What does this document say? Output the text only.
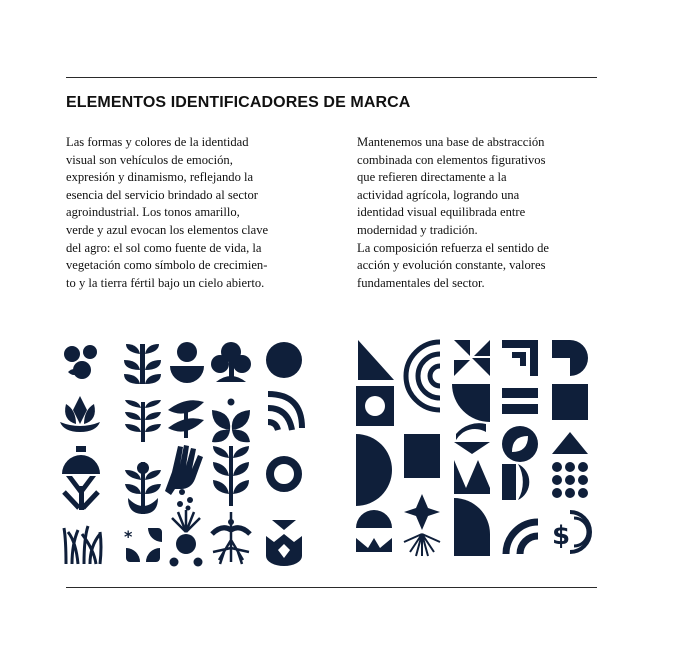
ELEMENTOS IDENTIFICADORES DE MARCA
Las formas y colores de la identidad
visual son vehículos de emoción,
expresión y dinamismo, reflejando la
esencia del servicio brindado al sector
agroindustrial. Los tonos amarillo,
verde y azul evocan los elementos clave
del agro: el sol como fuente de vida, la
vegetación como símbolo de crecimien-
to y la tierra fértil bajo un cielo abierto.
Mantenemos una base de abstracción
combinada con elementos figurativos
que refieren directamente a la
actividad agrícola, logrando una
identidad visual equilibrada entre
modernidad y tradición.
La composición refuerza el sentido de
acción y evolución constante, valores
fundamentales del sector.
*	$
